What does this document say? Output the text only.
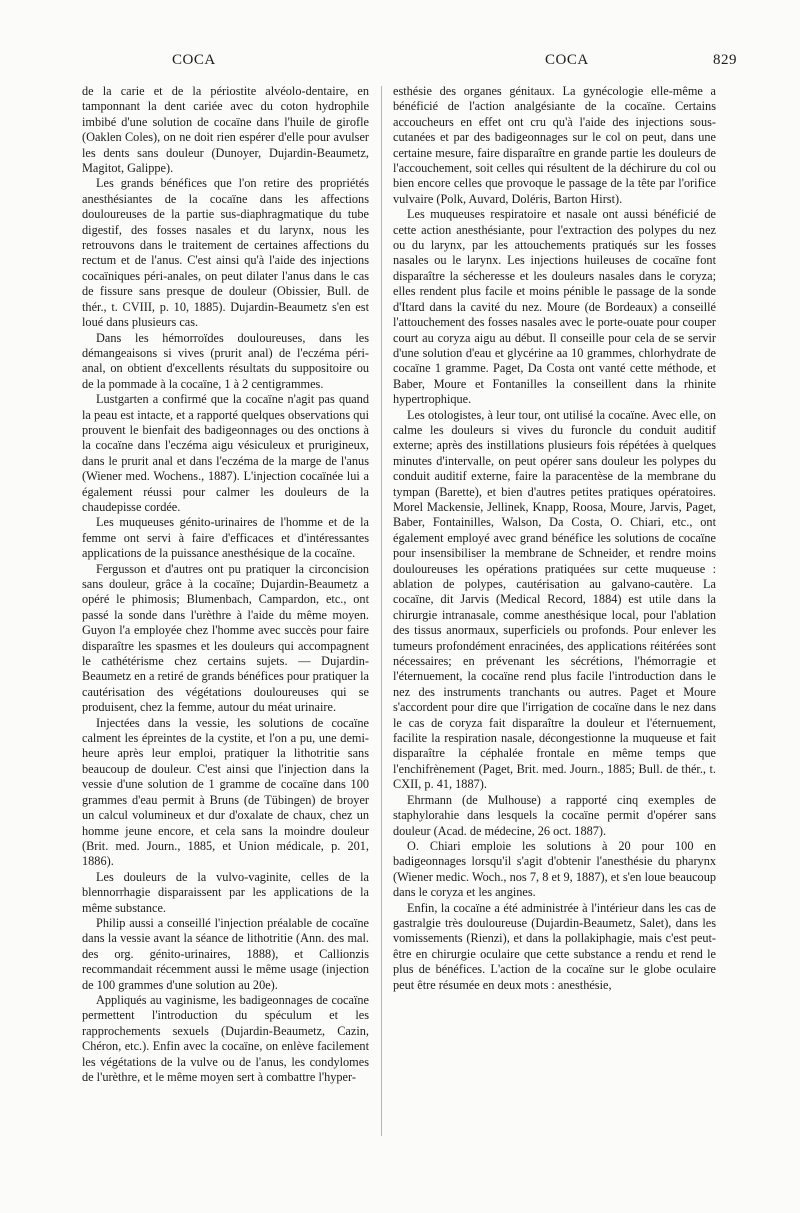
COCA	COCA	829

de la carie et de la périostite alvéolo-dentaire, en tamponnant la dent cariée avec du coton hydrophile imbibé d'une solution de cocaïne dans l'huile de girofle (Oaklen Coles), on ne doit rien espérer d'elle pour avulser les dents sans douleur (Dunoyer, Dujardin-Beaumetz, Magitot, Galippe).

Les grands bénéfices que l'on retire des propriétés anesthésiantes de la cocaïne dans les affections douloureuses de la partie sus-diaphragmatique du tube digestif, des fosses nasales et du larynx, nous les retrouvons dans le traitement de certaines affections du rectum et de l'anus. C'est ainsi qu'à l'aide des injections cocaïniques péri-anales, on peut dilater l'anus dans le cas de fissure sans presque de douleur (Obissier, Bull. de thér., t. CVIII, p. 10, 1885). Dujardin-Beaumetz s'en est loué dans plusieurs cas.

Dans les hémorroïdes douloureuses, dans les démangeaisons si vives (prurit anal) de l'eczéma péri-anal, on obtient d'excellents résultats du suppositoire ou de la pommade à la cocaïne, 1 à 2 centigrammes.

Lustgarten a confirmé que la cocaïne n'agit pas quand la peau est intacte, et a rapporté quelques observations qui prouvent le bienfait des badigeonnages ou des onctions à la cocaïne dans l'eczéma aigu vésiculeux et prurigineux, dans le prurit anal et dans l'eczéma de la marge de l'anus (Wiener med. Wochens., 1887). L'injection cocaïnée lui a également réussi pour calmer les douleurs de la chaudepisse cordée.

Les muqueuses génito-urinaires de l'homme et de la femme ont servi à faire d'efficaces et d'intéressantes applications de la puissance anesthésique de la cocaïne.

Fergusson et d'autres ont pu pratiquer la circoncision sans douleur, grâce à la cocaïne; Dujardin-Beaumetz a opéré le phimosis; Blumenbach, Campardon, etc., ont passé la sonde dans l'urèthre à l'aide du même moyen. Guyon l'a employée chez l'homme avec succès pour faire disparaître les spasmes et les douleurs qui accompagnent le cathétérisme chez certains sujets. — Dujardin-Beaumetz en a retiré de grands bénéfices pour pratiquer la cautérisation des végétations douloureuses qui se produisent, chez la femme, autour du méat urinaire.

Injectées dans la vessie, les solutions de cocaïne calment les épreintes de la cystite, et l'on a pu, une demi-heure après leur emploi, pratiquer la lithotritie sans beaucoup de douleur. C'est ainsi que l'injection dans la vessie d'une solution de 1 gramme de cocaïne dans 100 grammes d'eau permit à Bruns (de Tübingen) de broyer un calcul volumineux et dur d'oxalate de chaux, chez un homme jeune encore, et cela sans la moindre douleur (Brit. med. Journ., 1885, et Union médicale, p. 201, 1886).

Les douleurs de la vulvo-vaginite, celles de la blennorrhagie disparaissent par les applications de la même substance.

Philip aussi a conseillé l'injection préalable de cocaïne dans la vessie avant la séance de lithotritie (Ann. des mal. des org. génito-urinaires, 1888), et Callionzis recommandait récemment aussi le même usage (injection de 100 grammes d'une solution au 20e).

Appliqués au vaginisme, les badigeonnages de cocaïne permettent l'introduction du spéculum et les rapprochements sexuels (Dujardin-Beaumetz, Cazin, Chéron, etc.). Enfin avec la cocaïne, on enlève facilement les végétations de la vulve ou de l'anus, les condylomes de l'urèthre, et le même moyen sert à combattre l'hyper-

esthésie des organes génitaux. La gynécologie elle-même a bénéficié de l'action analgésiante de la cocaïne. Certains accoucheurs en effet ont cru qu'à l'aide des injections sous-cutanées et par des badigeonnages sur le col on peut, dans une certaine mesure, faire disparaître en grande partie les douleurs de l'accouchement, soit celles qui résultent de la déchirure du col ou bien encore celles que provoque le passage de la tête par l'orifice vulvaire (Polk, Auvard, Doléris, Barton Hirst).

Les muqueuses respiratoire et nasale ont aussi bénéficié de cette action anesthésiante, pour l'extraction des polypes du nez ou du larynx, par les attouchements pratiqués sur les fosses nasales ou le larynx. Les injections huileuses de cocaïne font disparaître la sécheresse et les douleurs nasales dans le coryza; elles rendent plus facile et moins pénible le passage de la sonde d'Itard dans la cavité du nez. Moure (de Bordeaux) a conseillé l'attouchement des fosses nasales avec le porte-ouate pour couper court au coryza aigu au début. Il conseille pour cela de se servir d'une solution d'eau et glycérine aa 10 grammes, chlorhydrate de cocaïne 1 gramme. Paget, Da Costa ont vanté cette méthode, et Baber, Moure et Fontanilles la conseillent dans la rhinite hypertrophique.

Les otologistes, à leur tour, ont utilisé la cocaïne. Avec elle, on calme les douleurs si vives du furoncle du conduit auditif externe; après des instillations plusieurs fois répétées à quelques minutes d'intervalle, on peut opérer sans douleur les polypes du conduit auditif externe, faire la paracentèse de la membrane du tympan (Barette), et bien d'autres petites pratiques opératoires. Morel Mackensie, Jellinek, Knapp, Roosa, Moure, Jarvis, Paget, Baber, Fontainilles, Walson, Da Costa, O. Chiari, etc., ont également employé avec grand bénéfice les solutions de cocaïne pour insensibiliser la membrane de Schneider, et rendre moins douloureuses les opérations pratiquées sur cette muqueuse : ablation de polypes, cautérisation au galvano-cautère. La cocaïne, dit Jarvis (Medical Record, 1884) est utile dans la chirurgie intranasale, comme anesthésique local, pour l'ablation des tissus anormaux, superficiels ou profonds. Pour enlever les tumeurs profondément enracinées, des applications réitérées sont nécessaires; en prévenant les sécrétions, l'hémorragie et l'éternuement, la cocaïne rend plus facile l'introduction dans le nez des instruments tranchants ou autres. Paget et Moure s'accordent pour dire que l'irrigation de cocaïne dans le nez dans le cas de coryza fait disparaître la douleur et l'éternuement, facilite la respiration nasale, décongestionne la muqueuse et fait disparaître la céphalée frontale en même temps que l'enchifrènement (Paget, Brit. med. Journ., 1885; Bull. de thér., t. CXII, p. 41, 1887).

Ehrmann (de Mulhouse) a rapporté cinq exemples de staphylorahie dans lesquels la cocaïne permit d'opérer sans douleur (Acad. de médecine, 26 oct. 1887).

O. Chiari emploie les solutions à 20 pour 100 en badigeonnages lorsqu'il s'agit d'obtenir l'anesthésie du pharynx (Wiener medic. Woch., nos 7, 8 et 9, 1887), et s'en loue beaucoup dans le coryza et les angines.

Enfin, la cocaïne a été administrée à l'intérieur dans les cas de gastralgie très douloureuse (Dujardin-Beaumetz, Salet), dans les vomissements (Rienzi), et dans la pollakiphagie, mais c'est peut-être en chirurgie oculaire que cette substance a rendu et rend le plus de bénéfices. L'action de la cocaïne sur le globe oculaire peut être résumée en deux mots : anesthésie,
